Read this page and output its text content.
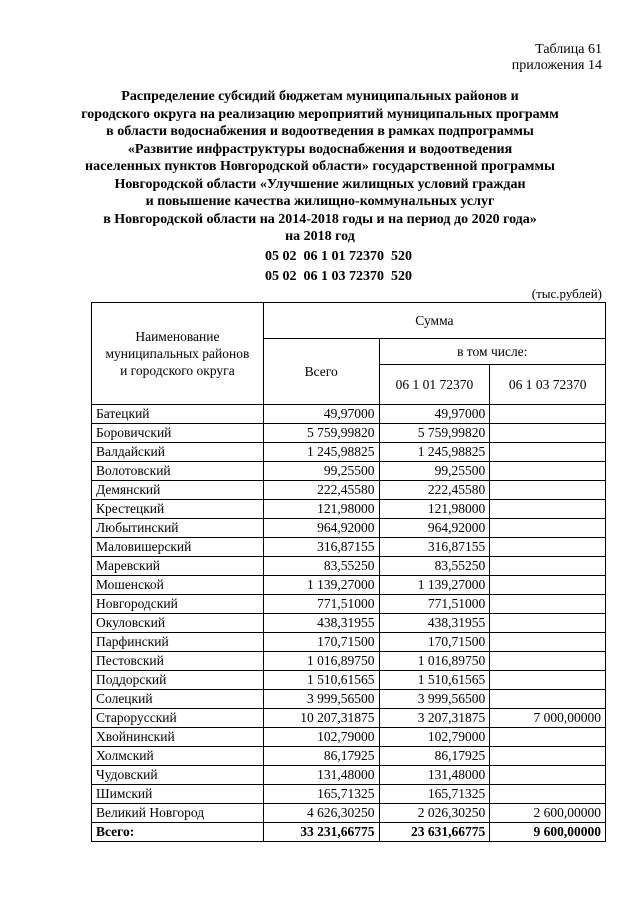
Таблица 61
приложения 14
Распределение субсидий бюджетам муниципальных районов и
городского округа на реализацию мероприятий муниципальных программ
в области водоснабжения и водоотведения в рамках подпрограммы
«Развитие инфраструктуры водоснабжения и водоотведения
населенных пунктов Новгородской области» государственной программы
Новгородской области «Улучшение жилищных условий граждан
и повышение качества жилищно-коммунальных услуг
в Новгородской области на 2014-2018 годы и на период до 2020 года»
на 2018 год
05 02  06 1 01 72370  520
05 02  06 1 03 72370  520
(тыс.рублей)
Наименование
муниципальных районов
и городского округа	Сумма		
	Всего	в том числе:	
		06 1 01 72370	06 1 03 72370
Батецкий	49,97000	49,97000	
Боровичский	5 759,99820	5 759,99820	
Валдайский	1 245,98825	1 245,98825	
Волотовский	99,25500	99,25500	
Демянский	222,45580	222,45580	
Крестецкий	121,98000	121,98000	
Любытинский	964,92000	964,92000	
Маловишерский	316,87155	316,87155	
Маревский	83,55250	83,55250	
Мошенской	1 139,27000	1 139,27000	
Новгородский	771,51000	771,51000	
Окуловский	438,31955	438,31955	
Парфинский	170,71500	170,71500	
Пестовский	1 016,89750	1 016,89750	
Поддорский	1 510,61565	1 510,61565	
Солецкий	3 999,56500	3 999,56500	
Старорусский	10 207,31875	3 207,31875	7 000,00000
Хвойнинский	102,79000	102,79000	
Холмский	86,17925	86,17925	
Чудовский	131,48000	131,48000	
Шимский	165,71325	165,71325	
Великий Новгород	4 626,30250	2 026,30250	2 600,00000
Всего:	33 231,66775	23 631,66775	9 600,00000
